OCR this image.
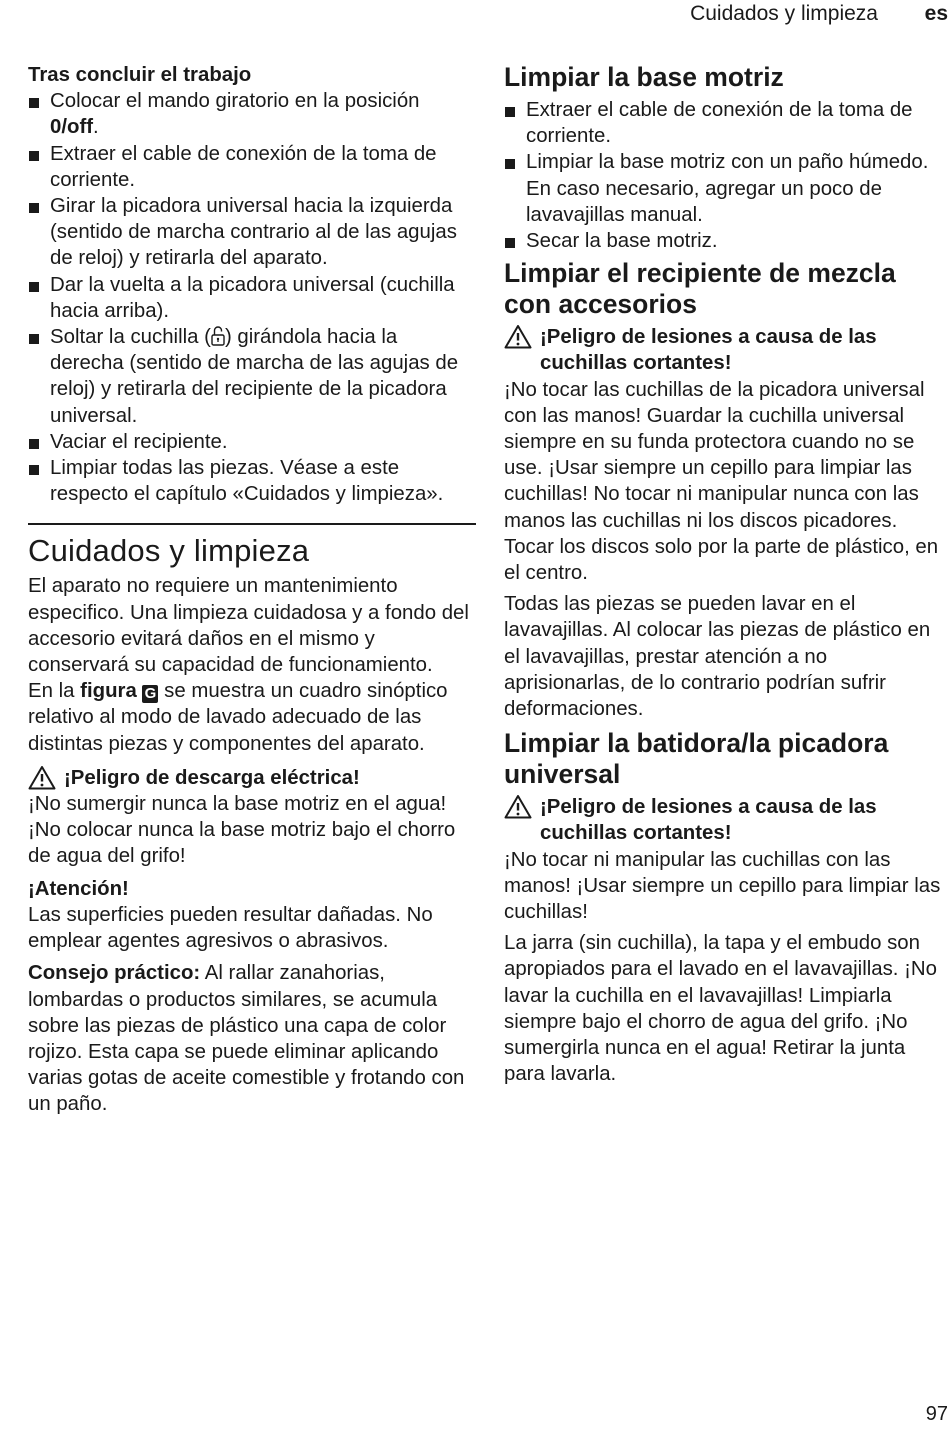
Cuidados y limpieza es
Tras concluir el trabajo
Colocar el mando giratorio en la posición
0/off.
Extraer el cable de conexión de la toma de corriente.
Girar la picadora universal hacia la izquierda (sentido de marcha contrario al de las agujas de reloj) y retirarla del aparato.
Dar la vuelta a la picadora universal (cuchilla hacia arriba).
Soltar la cuchilla ( ) girándola hacia la derecha (sentido de marcha de las agujas de reloj) y retirarla del recipiente de la picadora universal.
Vaciar el recipiente.
Limpiar todas las piezas. Véase a este respecto el capítulo «Cuidados y limpieza».
Cuidados y limpieza

El aparato no requiere un mantenimiento especifico. Una limpieza cuidadosa y a fondo del accesorio evitará daños en el mismo y conservará su capacidad de funcionamiento.

En la figura G se muestra un cuadro sinóptico relativo al modo de lavado adecuado de las distintas piezas y componentes del aparato.

¡Peligro de descarga eléctrica!

¡No sumergir nunca la base motriz en el agua! ¡No colocar nunca la base motriz bajo el chorro de agua del grifo!

¡Atención!

Las superficies pueden resultar dañadas. No emplear agentes agresivos o abrasivos.

Consejo práctico: Al rallar zanahorias, lombardas o productos similares, se acumula sobre las piezas de plástico una capa de color rojizo. Esta capa se puede eliminar aplicando varias gotas de aceite comestible y frotando con un paño.

Limpiar la base motriz
Extraer el cable de conexión de la toma de corriente.
Limpiar la base motriz con un paño húmedo. En caso necesario, agregar un poco de lavavajillas manual.
Secar la base motriz.
Limpiar el recipiente de mezcla con accesorios
¡Peligro de lesiones a causa de las cuchillas cortantes!

¡No tocar las cuchillas de la picadora universal con las manos! Guardar la cuchilla universal siempre en su funda protectora cuando no se use. ¡Usar siempre un cepillo para limpiar las cuchillas! No tocar ni manipular nunca con las manos las cuchillas ni los discos picadores. Tocar los discos solo por la parte de plástico, en el centro.

Todas las piezas se pueden lavar en el lavavajillas. Al colocar las piezas de plástico en el lavavajillas, prestar atención a no aprisionarlas, de lo contrario podrían sufrir deformaciones.

Limpiar la batidora/la picadora universal
¡Peligro de lesiones a causa de las cuchillas cortantes!

¡No tocar ni manipular las cuchillas con las manos! ¡Usar siempre un cepillo para limpiar las cuchillas!

La jarra (sin cuchilla), la tapa y el embudo son apropiados para el lavado en el lavavajillas. ¡No lavar la cuchilla en el lavavajillas! Limpiarla siempre bajo el chorro de agua del grifo. ¡No sumergirla nunca en el agua! Retirar la junta para lavarla.

97
